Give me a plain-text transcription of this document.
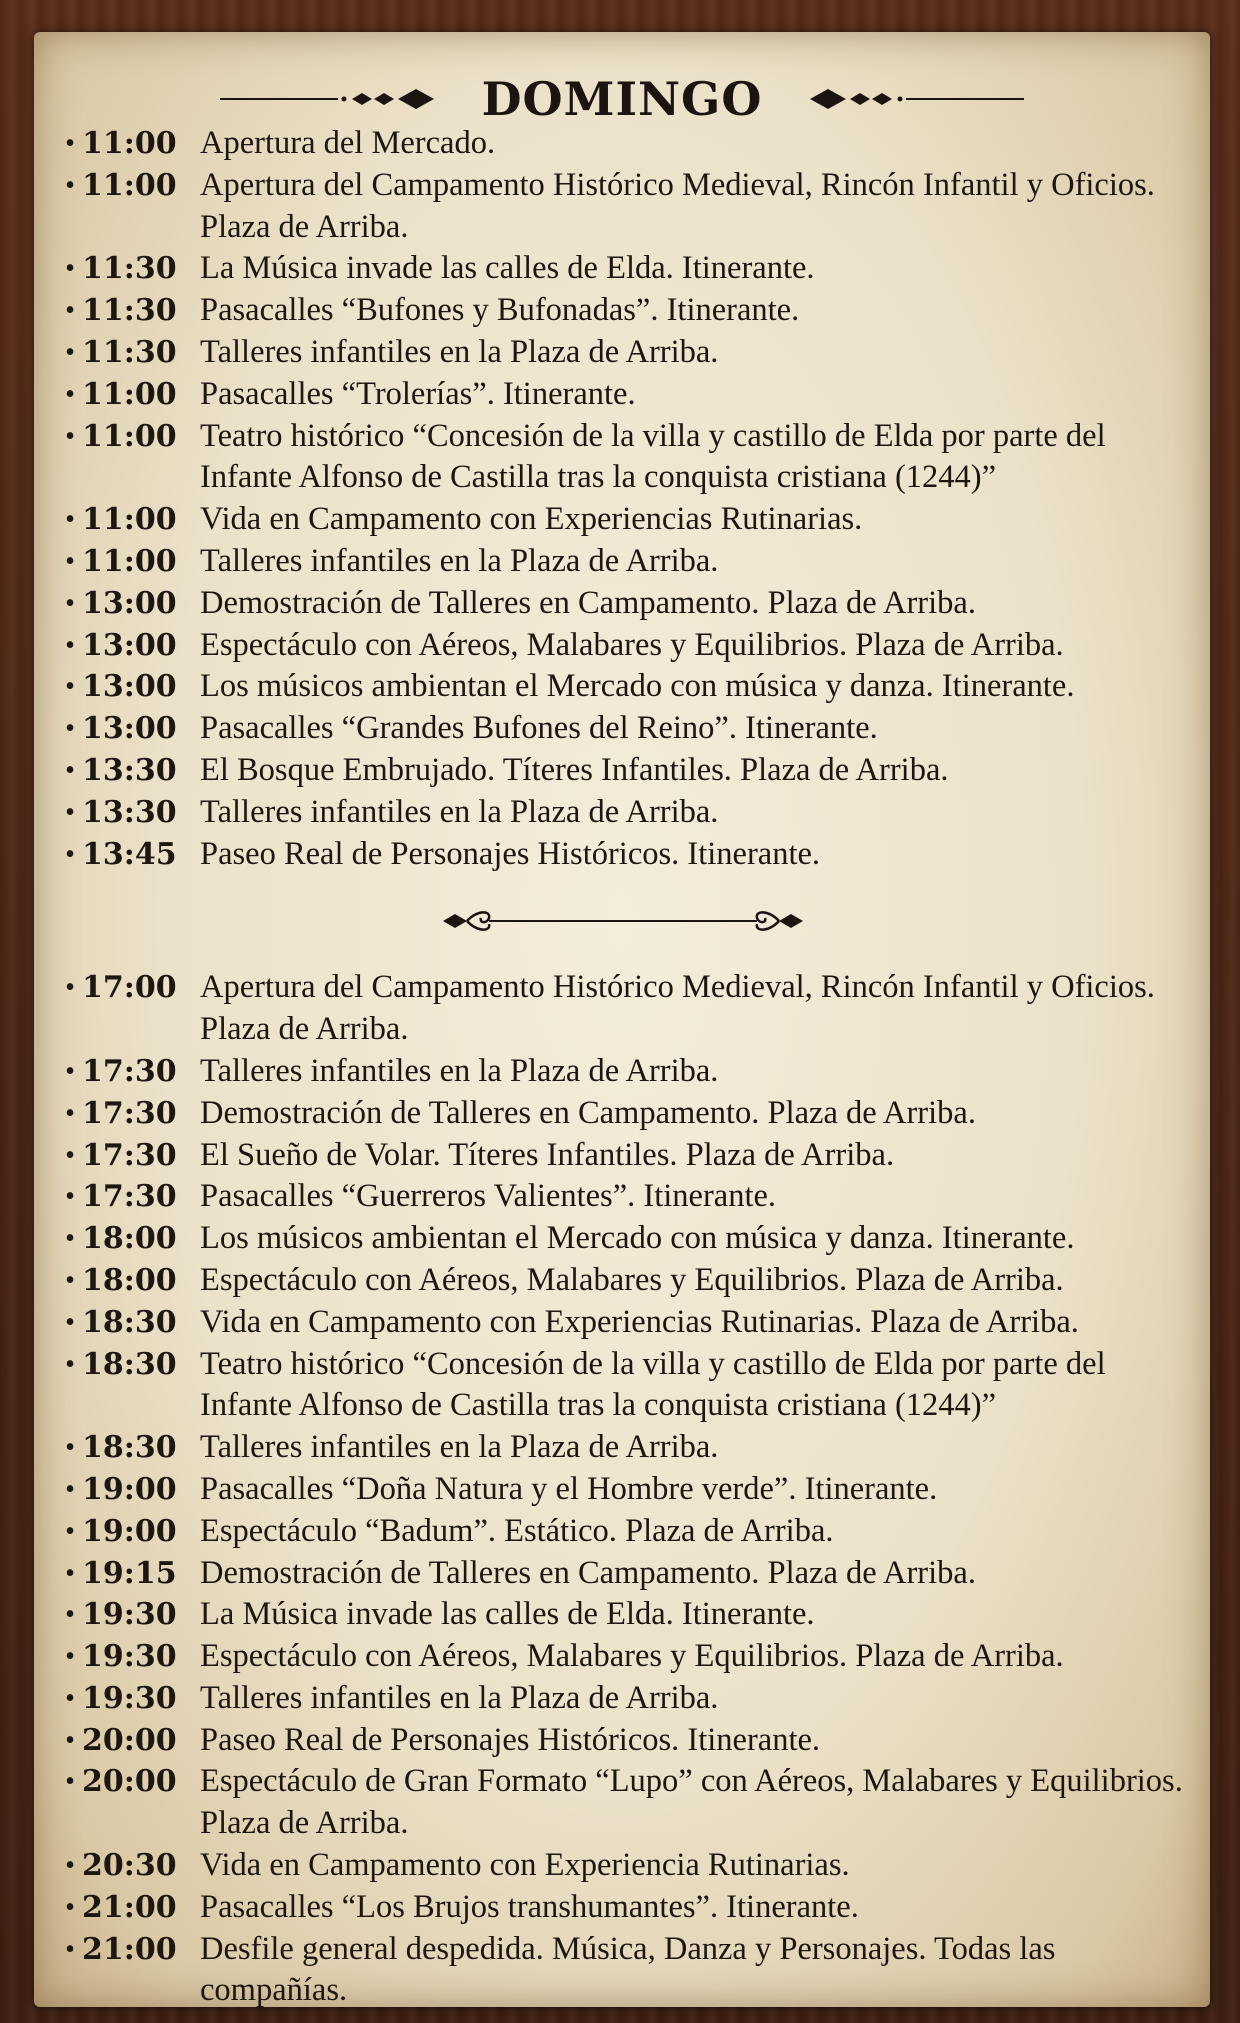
DOMINGO
• 11:00 Apertura del Mercado.
• 11:00 Apertura del Campamento Histórico Medieval, Rincón Infantil y Oficios. Plaza de Arriba.
• 11:30 La Música invade las calles de Elda. Itinerante.
• 11:30 Pasacalles “Bufones y Bufonadas”. Itinerante.
• 11:30 Talleres infantiles en la Plaza de Arriba.
• 11:00 Pasacalles “Trolerías”. Itinerante.
• 11:00 Teatro histórico “Concesión de la villa y castillo de Elda por parte del Infante Alfonso de Castilla tras la conquista cristiana (1244)”
• 11:00 Vida en Campamento con Experiencias Rutinarias.
• 11:00 Talleres infantiles en la Plaza de Arriba.
• 13:00 Demostración de Talleres en Campamento. Plaza de Arriba.
• 13:00 Espectáculo con Aéreos, Malabares y Equilibrios. Plaza de Arriba.
• 13:00 Los músicos ambientan el Mercado con música y danza. Itinerante.
• 13:00 Pasacalles “Grandes Bufones del Reino”. Itinerante.
• 13:30 El Bosque Embrujado. Títeres Infantiles. Plaza de Arriba.
• 13:30 Talleres infantiles en la Plaza de Arriba.
• 13:45 Paseo Real de Personajes Históricos. Itinerante.
• 17:00 Apertura del Campamento Histórico Medieval, Rincón Infantil y Oficios. Plaza de Arriba.
• 17:30 Talleres infantiles en la Plaza de Arriba.
• 17:30 Demostración de Talleres en Campamento. Plaza de Arriba.
• 17:30 El Sueño de Volar. Títeres Infantiles. Plaza de Arriba.
• 17:30 Pasacalles “Guerreros Valientes”. Itinerante.
• 18:00 Los músicos ambientan el Mercado con música y danza. Itinerante.
• 18:00 Espectáculo con Aéreos, Malabares y Equilibrios. Plaza de Arriba.
• 18:30 Vida en Campamento con Experiencias Rutinarias. Plaza de Arriba.
• 18:30 Teatro histórico “Concesión de la villa y castillo de Elda por parte del Infante Alfonso de Castilla tras la conquista cristiana (1244)”
• 18:30 Talleres infantiles en la Plaza de Arriba.
• 19:00 Pasacalles “Doña Natura y el Hombre verde”. Itinerante.
• 19:00 Espectáculo “Badum”. Estático. Plaza de Arriba.
• 19:15 Demostración de Talleres en Campamento. Plaza de Arriba.
• 19:30 La Música invade las calles de Elda. Itinerante.
• 19:30 Espectáculo con Aéreos, Malabares y Equilibrios. Plaza de Arriba.
• 19:30 Talleres infantiles en la Plaza de Arriba.
• 20:00 Paseo Real de Personajes Históricos. Itinerante.
• 20:00 Espectáculo de Gran Formato “Lupo” con Aéreos, Malabares y Equilibrios. Plaza de Arriba.
• 20:30 Vida en Campamento con Experiencia Rutinarias.
• 21:00 Pasacalles “Los Brujos transhumantes”. Itinerante.
• 21:00 Desfile general despedida. Música, Danza y Personajes. Todas las compañías.
